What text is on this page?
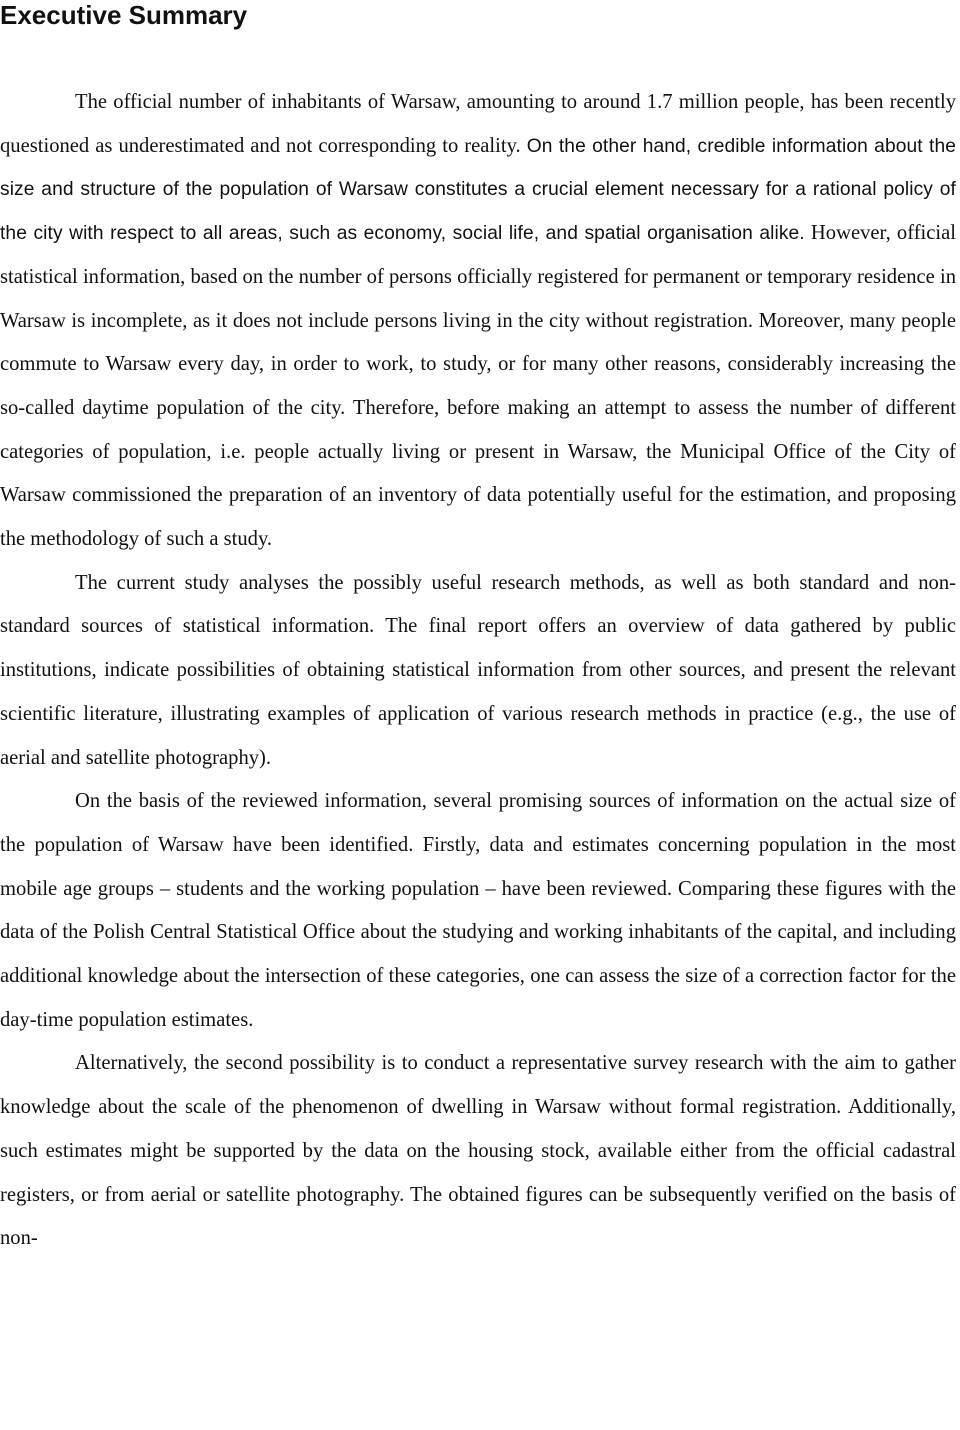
Executive Summary

The official number of inhabitants of Warsaw, amounting to around 1.7 million people, has been recently questioned as underestimated and not corresponding to reality. On the other hand, credible information about the size and structure of the population of Warsaw constitutes a crucial element necessary for a rational policy of the city with respect to all areas, such as economy, social life, and spatial organisation alike. However, official statistical information, based on the number of persons officially registered for permanent or temporary residence in Warsaw is incomplete, as it does not include persons living in the city without registration. Moreover, many people commute to Warsaw every day, in order to work, to study, or for many other reasons, considerably increasing the so-called daytime population of the city. Therefore, before making an attempt to assess the number of different categories of population, i.e. people actually living or present in Warsaw, the Municipal Office of the City of Warsaw commissioned the preparation of an inventory of data potentially useful for the estimation, and proposing the methodology of such a study.

The current study analyses the possibly useful research methods, as well as both standard and non-standard sources of statistical information. The final report offers an overview of data gathered by public institutions, indicate possibilities of obtaining statistical information from other sources, and present the relevant scientific literature, illustrating examples of application of various research methods in practice (e.g., the use of aerial and satellite photography).

On the basis of the reviewed information, several promising sources of information on the actual size of the population of Warsaw have been identified. Firstly, data and estimates concerning population in the most mobile age groups – students and the working population – have been reviewed. Comparing these figures with the data of the Polish Central Statistical Office about the studying and working inhabitants of the capital, and including additional knowledge about the intersection of these categories, one can assess the size of a correction factor for the day-time population estimates.

Alternatively, the second possibility is to conduct a representative survey research with the aim to gather knowledge about the scale of the phenomenon of dwelling in Warsaw without formal registration. Additionally, such estimates might be supported by the data on the housing stock, available either from the official cadastral registers, or from aerial or satellite photography. The obtained figures can be subsequently verified on the basis of non-
